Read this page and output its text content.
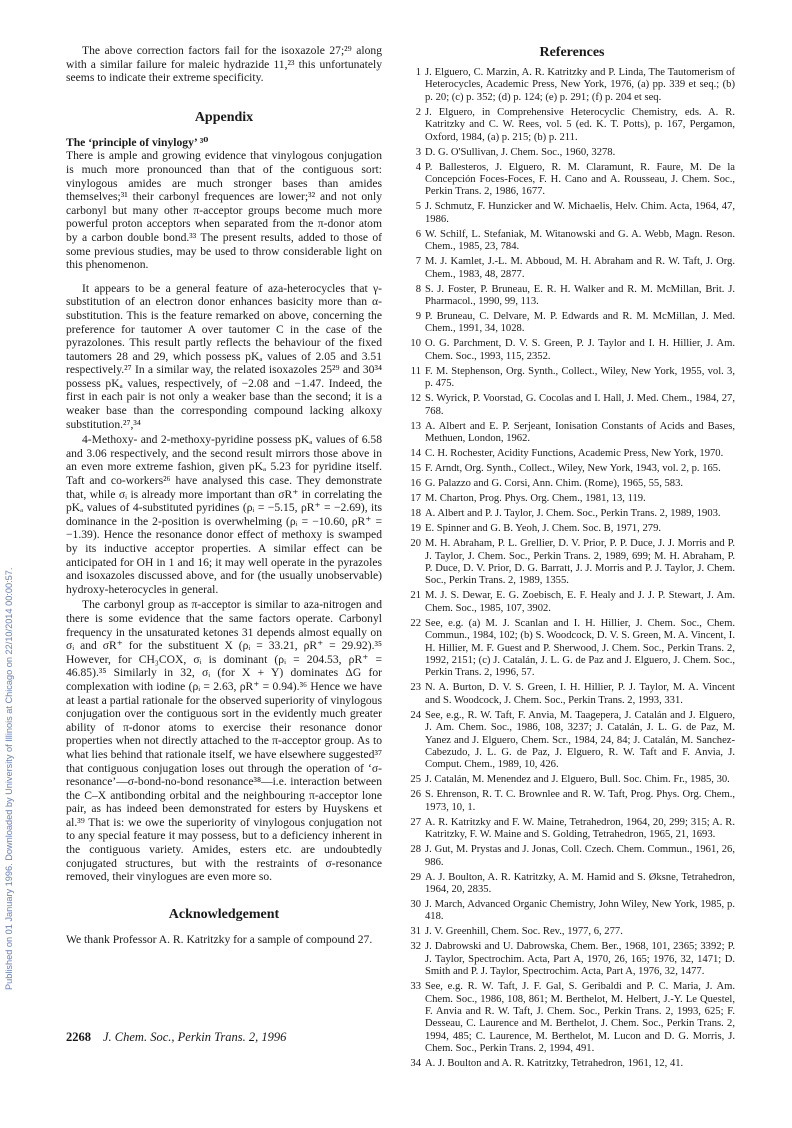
Published on 01 January 1996. Downloaded by University of Illinois at Chicago on 22/10/2014 00:00:57.

The above correction factors fail for the isoxazole 27;²⁹ along with a similar failure for maleic hydrazide 11,²³ this unfortunately seems to indicate their extreme specificity.

Appendix
The ‘principle of vinylogy’ ³⁰

There is ample and growing evidence that vinylogous conjugation is much more pronounced than that of the contiguous sort: vinylogous amides are much stronger bases than amides themselves;³¹ their carbonyl frequences are lower;³² and not only carbonyl but many other π-acceptor groups become much more powerful proton acceptors when separated from the π-donor atom by a carbon double bond.³³ The present results, added to those of some previous studies, may be used to throw considerable light on this phenomenon.

It appears to be a general feature of aza-heterocycles that γ-substitution of an electron donor enhances basicity more than α-substitution. This is the feature remarked on above, concerning the preference for tautomer A over tautomer C in the case of the pyrazolones. This result partly reflects the behaviour of the fixed tautomers 28 and 29, which possess pKₐ values of 2.05 and 3.51 respectively.²⁷ In a similar way, the related isoxazoles 25²⁹ and 30³⁴ possess pKₐ values, respectively, of −2.08 and −1.47. Indeed, the first in each pair is not only a weaker base than the second; it is a weaker base than the corresponding compound lacking alkoxy substitution.²⁷,³⁴

4-Methoxy- and 2-methoxy-pyridine possess pKₐ values of 6.58 and 3.06 respectively, and the second result mirrors those above in an even more extreme fashion, given pKₐ 5.23 for pyridine itself. Taft and co-workers²⁶ have analysed this case. They demonstrate that, while σᵢ is already more important than σR⁺ in correlating the pKₐ values of 4-substituted pyridines (ρᵢ = −5.15, ρR⁺ = −2.69), its dominance in the 2-position is overwhelming (ρᵢ = −10.60, ρR⁺ = −1.39). Hence the resonance donor effect of methoxy is swamped by its inductive acceptor properties. A similar effect can be anticipated for OH in 1 and 16; it may well operate in the pyrazoles and isoxazoles discussed above, and for (the usually unobservable) hydroxy-heterocycles in general.

The carbonyl group as π-acceptor is similar to aza-nitrogen and there is some evidence that the same factors operate. Carbonyl frequency in the unsaturated ketones 31 depends almost equally on σᵢ and σR⁺ for the substituent X (ρᵢ = 33.21, ρR⁺ = 29.92).³⁵ However, for CH₃COX, σᵢ is dominant (ρᵢ = 204.53, ρR⁺ = 46.85).³⁵ Similarly in 32, σᵢ (for X + Y) dominates ΔG for complexation with iodine (ρᵢ = 2.63, ρR⁺ = 0.94).³⁶ Hence we have at least a partial rationale for the observed superiority of vinylogous conjugation over the contiguous sort in the evidently much greater ability of π-donor atoms to exercise their resonance donor properties when not directly attached to the π-acceptor group. As to what lies behind that rationale itself, we have elsewhere suggested³⁷ that contiguous conjugation loses out through the operation of ‘σ-resonance’—σ-bond-no-bond resonance³⁸—i.e. interaction between the C–X antibonding orbital and the neighbouring π-acceptor lone pair, as has indeed been demonstrated for esters by Huyskens et al.³⁹ That is: we owe the superiority of vinylogous conjugation not to any special feature it may possess, but to a deficiency inherent in the contiguous variety. Amides, esters etc. are undoubtedly conjugated structures, but with the restraints of σ-resonance removed, their vinylogues are even more so.

Acknowledgement

We thank Professor A. R. Katritzky for a sample of compound 27.

References
1 J. Elguero, C. Marzin, A. R. Katritzky and P. Linda, The Tautomerism of Heterocycles, Academic Press, New York, 1976, (a) pp. 339 et seq.; (b) p. 20; (c) p. 352; (d) p. 124; (e) p. 291; (f) p. 204 et seq.
2 J. Elguero, in Comprehensive Heterocyclic Chemistry, eds. A. R. Katritzky and C. W. Rees, vol. 5 (ed. K. T. Potts), p. 167, Pergamon, Oxford, 1984, (a) p. 215; (b) p. 211.
3 D. G. O'Sullivan, J. Chem. Soc., 1960, 3278.
4 P. Ballesteros, J. Elguero, R. M. Claramunt, R. Faure, M. De la Concepción Foces-Foces, F. H. Cano and A. Rousseau, J. Chem. Soc., Perkin Trans. 2, 1986, 1677.
5 J. Schmutz, F. Hunzicker and W. Michaelis, Helv. Chim. Acta, 1964, 47, 1986.
6 W. Schilf, L. Stefaniak, M. Witanowski and G. A. Webb, Magn. Reson. Chem., 1985, 23, 784.
7 M. J. Kamlet, J.-L. M. Abboud, M. H. Abraham and R. W. Taft, J. Org. Chem., 1983, 48, 2877.
8 S. J. Foster, P. Bruneau, E. R. H. Walker and R. M. McMillan, Brit. J. Pharmacol., 1990, 99, 113.
9 P. Bruneau, C. Delvare, M. P. Edwards and R. M. McMillan, J. Med. Chem., 1991, 34, 1028.
10 O. G. Parchment, D. V. S. Green, P. J. Taylor and I. H. Hillier, J. Am. Chem. Soc., 1993, 115, 2352.
11 F. M. Stephenson, Org. Synth., Collect., Wiley, New York, 1955, vol. 3, p. 475.
12 S. Wyrick, P. Voorstad, G. Cocolas and I. Hall, J. Med. Chem., 1984, 27, 768.
13 A. Albert and E. P. Serjeant, Ionisation Constants of Acids and Bases, Methuen, London, 1962.
14 C. H. Rochester, Acidity Functions, Academic Press, New York, 1970.
15 F. Arndt, Org. Synth., Collect., Wiley, New York, 1943, vol. 2, p. 165.
16 G. Palazzo and G. Corsi, Ann. Chim. (Rome), 1965, 55, 583.
17 M. Charton, Prog. Phys. Org. Chem., 1981, 13, 119.
18 A. Albert and P. J. Taylor, J. Chem. Soc., Perkin Trans. 2, 1989, 1903.
19 E. Spinner and G. B. Yeoh, J. Chem. Soc. B, 1971, 279.
20 M. H. Abraham, P. L. Grellier, D. V. Prior, P. P. Duce, J. J. Morris and P. J. Taylor, J. Chem. Soc., Perkin Trans. 2, 1989, 699; M. H. Abraham, P. P. Duce, D. V. Prior, D. G. Barratt, J. J. Morris and P. J. Taylor, J. Chem. Soc., Perkin Trans. 2, 1989, 1355.
21 M. J. S. Dewar, E. G. Zoebisch, E. F. Healy and J. J. P. Stewart, J. Am. Chem. Soc., 1985, 107, 3902.
22 See, e.g. (a) M. J. Scanlan and I. H. Hillier, J. Chem. Soc., Chem. Commun., 1984, 102; (b) S. Woodcock, D. V. S. Green, M. A. Vincent, I. H. Hillier, M. F. Guest and P. Sherwood, J. Chem. Soc., Perkin Trans. 2, 1992, 2151; (c) J. Catalán, J. L. G. de Paz and J. Elguero, J. Chem. Soc., Perkin Trans. 2, 1996, 57.
23 N. A. Burton, D. V. S. Green, I. H. Hillier, P. J. Taylor, M. A. Vincent and S. Woodcock, J. Chem. Soc., Perkin Trans. 2, 1993, 331.
24 See, e.g., R. W. Taft, F. Anvia, M. Taagepera, J. Catalán and J. Elguero, J. Am. Chem. Soc., 1986, 108, 3237; J. Catalán, J. L. G. de Paz, M. Yanez and J. Elguero, Chem. Scr., 1984, 24, 84; J. Catalán, M. Sanchez-Cabezudo, J. L. G. de Paz, J. Elguero, R. W. Taft and F. Anvia, J. Comput. Chem., 1989, 10, 426.
25 J. Catalán, M. Menendez and J. Elguero, Bull. Soc. Chim. Fr., 1985, 30.
26 S. Ehrenson, R. T. C. Brownlee and R. W. Taft, Prog. Phys. Org. Chem., 1973, 10, 1.
27 A. R. Katritzky and F. W. Maine, Tetrahedron, 1964, 20, 299; 315; A. R. Katritzky, F. W. Maine and S. Golding, Tetrahedron, 1965, 21, 1693.
28 J. Gut, M. Prystas and J. Jonas, Coll. Czech. Chem. Commun., 1961, 26, 986.
29 A. J. Boulton, A. R. Katritzky, A. M. Hamid and S. Øksne, Tetrahedron, 1964, 20, 2835.
30 J. March, Advanced Organic Chemistry, John Wiley, New York, 1985, p. 418.
31 J. V. Greenhill, Chem. Soc. Rev., 1977, 6, 277.
32 J. Dabrowski and U. Dabrowska, Chem. Ber., 1968, 101, 2365; 3392; P. J. Taylor, Spectrochim. Acta, Part A, 1970, 26, 165; 1976, 32, 1471; D. Smith and P. J. Taylor, Spectrochim. Acta, Part A, 1976, 32, 1477.
33 See, e.g. R. W. Taft, J. F. Gal, S. Geribaldi and P. C. Maria, J. Am. Chem. Soc., 1986, 108, 861; M. Berthelot, M. Helbert, J.-Y. Le Questel, F. Anvia and R. W. Taft, J. Chem. Soc., Perkin Trans. 2, 1993, 625; F. Desseau, C. Laurence and M. Berthelot, J. Chem. Soc., Perkin Trans. 2, 1994, 485; C. Laurence, M. Berthelot, M. Lucon and D. G. Morris, J. Chem. Soc., Perkin Trans. 2, 1994, 491.
34 A. J. Boulton and A. R. Katritzky, Tetrahedron, 1961, 12, 41.
2268 J. Chem. Soc., Perkin Trans. 2, 1996
